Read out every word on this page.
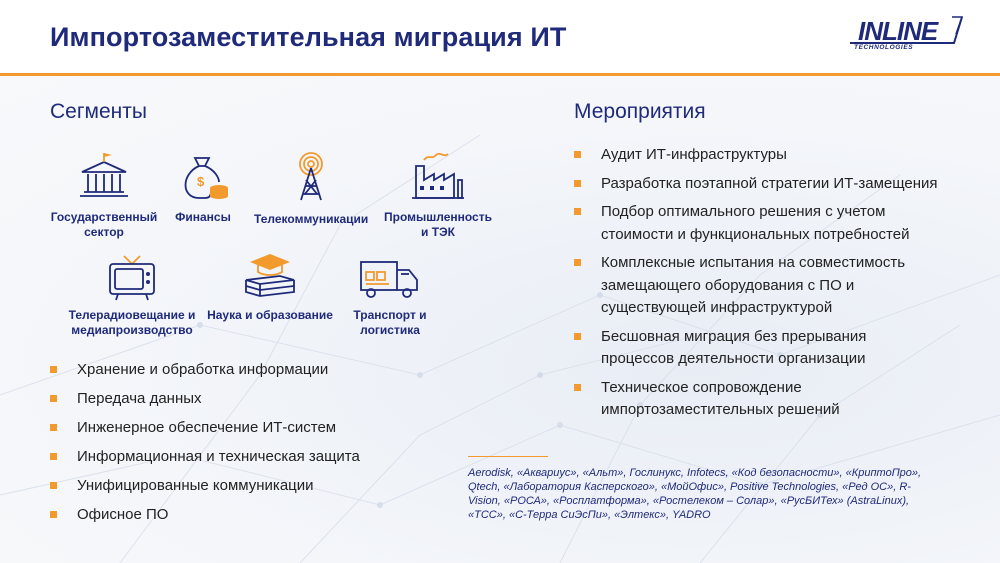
Импортозаместительная миграция ИТ	INLINE
TECHNOLOGIES
Сегменты	Мероприятия
Государственный сектор
$
Финансы	Телекоммуникации Промышленность и ТЭК
Телерадиовещание и медиапроизводство
Наука и образование	Транспорт и логистика
Хранение и обработка информации
Передача данных
Инженерное обеспечение ИТ-систем
Информационная и техническая защита
Унифицированные коммуникации
Офисное ПО
Аудит ИТ-инфраструктуры
Разработка поэтапной стратегии ИТ-замещения
Подбор оптимального решения с учетом стоимости и функциональных потребностей
Комплексные испытания на совместимость замещающего оборудования с ПО и существующей инфраструктурой
Бесшовная миграция без прерывания процессов деятельности организации
Техническое сопровождение импортозаместительных решений
Aerodisk, «Аквариус», «Альт», Гослинукс, Infotecs, «Код безопасности», «КриптоПро», Qtech, «Лаборатория Касперского», «МойОфис», Positive Technologies, «Ред ОС», R-Vision, «РОСА», «Росплатформа», «Ростелеком – Солар», «РусБИТех» (AstraLinux), «ТСС», «С-Терра СиЭсПи», «Элтекс», YADRO
